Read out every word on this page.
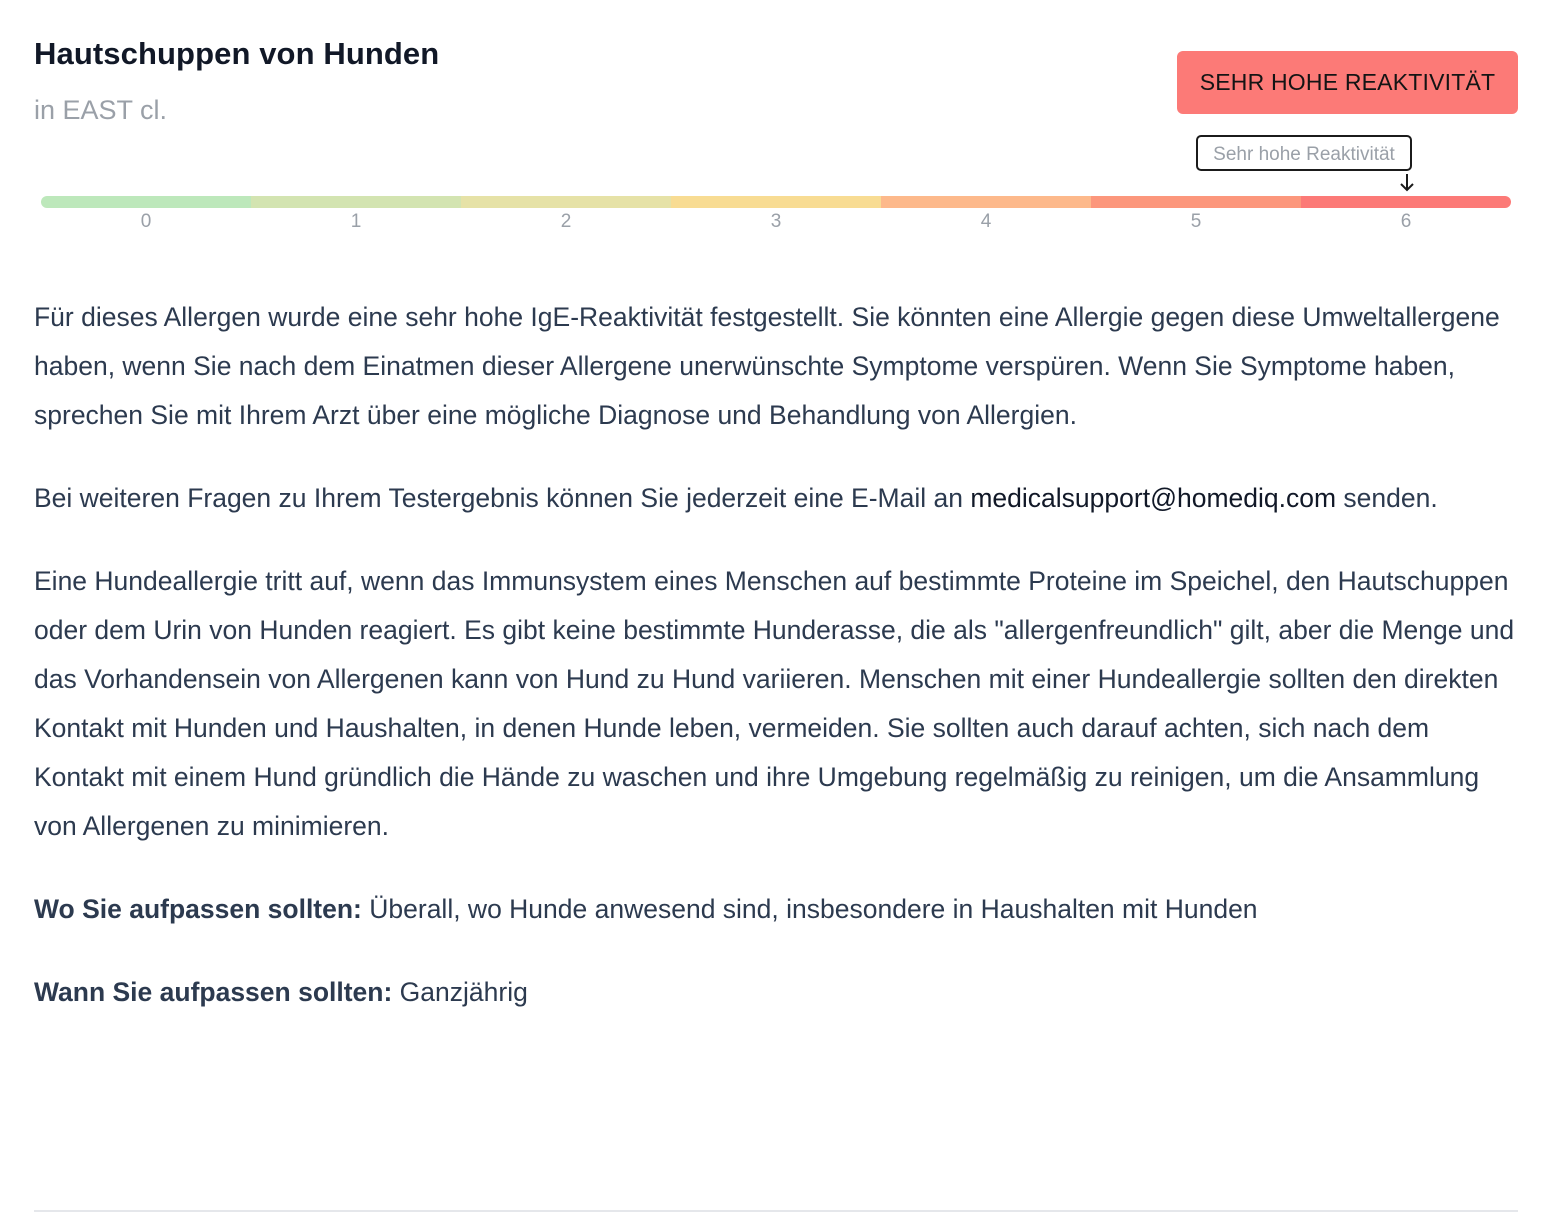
Hautschuppen von Hunden
in EAST cl.
SEHR HOHE REAKTIVITÄT
Sehr hohe Reaktivität
0	1	2	3	4	5	6

Für dieses Allergen wurde eine sehr hohe IgE-Reaktivität festgestellt. Sie könnten eine Allergie gegen diese Umweltallergene haben, wenn Sie nach dem Einatmen dieser Allergene unerwünschte Symptome verspüren. Wenn Sie Symptome haben, sprechen Sie mit Ihrem Arzt über eine mögliche Diagnose und Behandlung von Allergien.

Bei weiteren Fragen zu Ihrem Testergebnis können Sie jederzeit eine E-Mail an medicalsupport@homediq.com senden.

Eine Hundeallergie tritt auf, wenn das Immunsystem eines Menschen auf bestimmte Proteine im Speichel, den Hautschuppen oder dem Urin von Hunden reagiert. Es gibt keine bestimmte Hunderasse, die als "allergenfreundlich" gilt, aber die Menge und das Vorhandensein von Allergenen kann von Hund zu Hund variieren. Menschen mit einer Hundeallergie sollten den direkten Kontakt mit Hunden und Haushalten, in denen Hunde leben, vermeiden. Sie sollten auch darauf achten, sich nach dem Kontakt mit einem Hund gründlich die Hände zu waschen und ihre Umgebung regelmäßig zu reinigen, um die Ansammlung von Allergenen zu minimieren.

Wo Sie aufpassen sollten: Überall, wo Hunde anwesend sind, insbesondere in Haushalten mit Hunden

Wann Sie aufpassen sollten: Ganzjährig
